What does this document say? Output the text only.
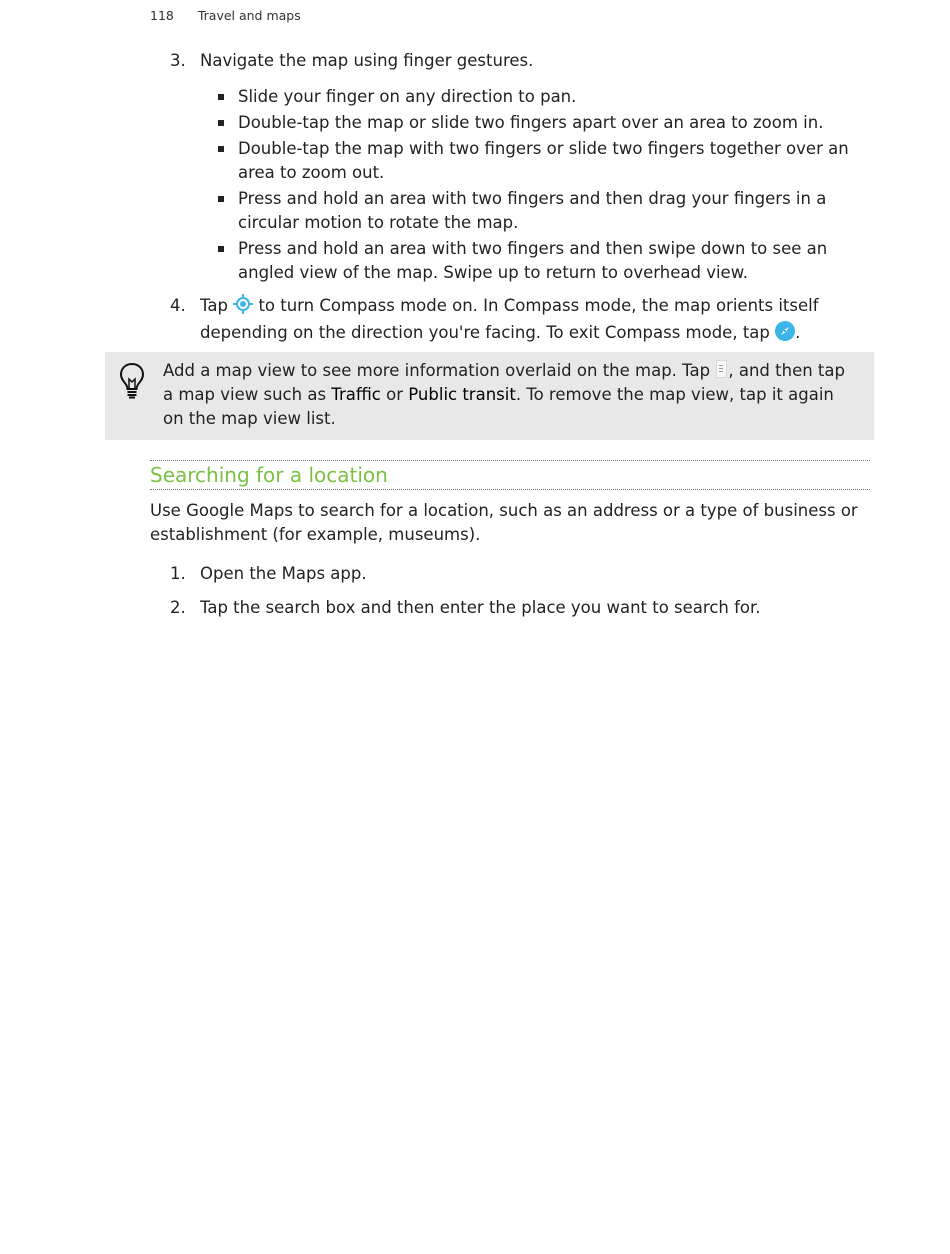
118 Travel and maps
3. Navigate the map using finger gestures.
Slide your finger on any direction to pan.
Double-tap the map or slide two fingers apart over an area to zoom in.
Double-tap the map with two fingers or slide two fingers together over an area to zoom out.
Press and hold an area with two fingers and then drag your fingers in a circular motion to rotate the map.
Press and hold an area with two fingers and then swipe down to see an angled view of the map. Swipe up to return to overhead view.
4. Tap to turn Compass mode on. In Compass mode, the map orients itself depending on the direction you're facing. To exit Compass mode, tap .
Add a map view to see more information overlaid on the map. Tap , and then tap a map view such as Traffic or Public transit. To remove the map view, tap it again on the map view list.
Searching for a location
Use Google Maps to search for a location, such as an address or a type of business or establishment (for example, museums).
1. Open the Maps app.
2. Tap the search box and then enter the place you want to search for.
